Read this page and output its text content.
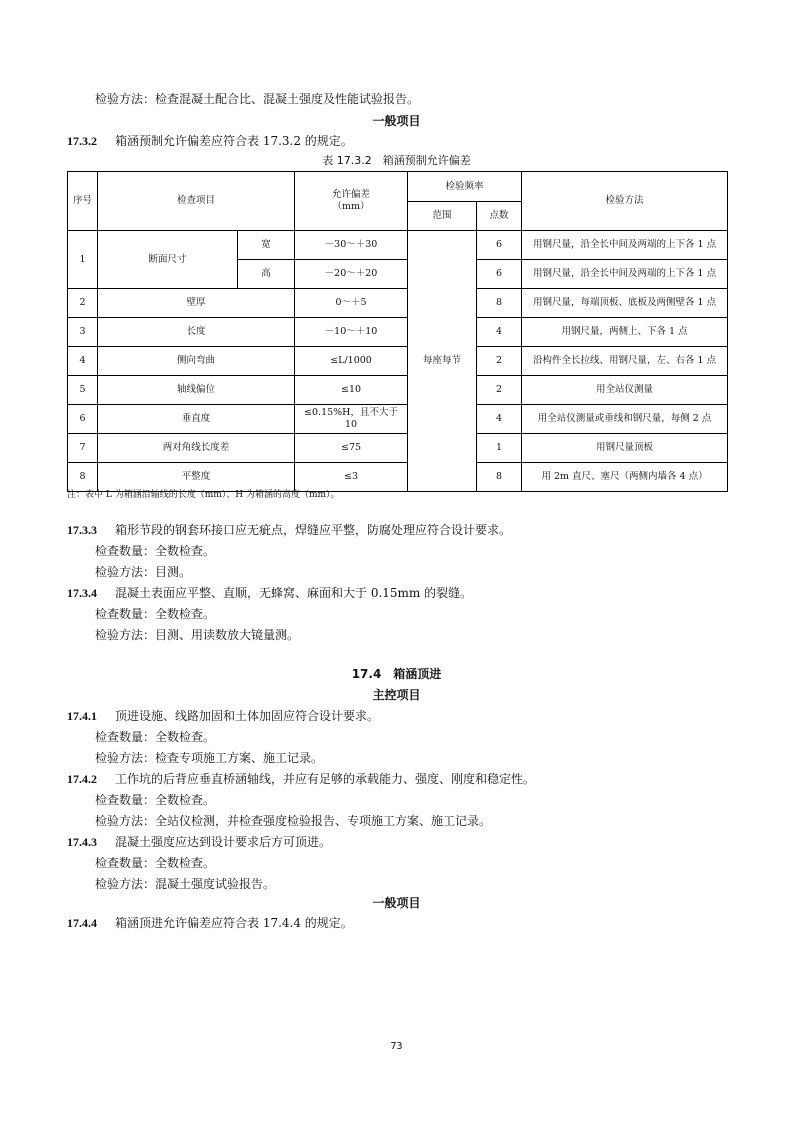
检验方法：检查混凝土配合比、混凝土强度及性能试验报告。
一般项目
17.3.2 箱涵预制允许偏差应符合表 17.3.2 的规定。
表 17.3.2　箱涵预制允许偏差
序号	检查项目		允许偏差（mm）	检验频率		检验方法
				范围	点数	
1	断面尺寸	宽	－30～＋30	每座每节	6	用钢尺量，沿全长中间及两端的上下各 1 点
		高	－20～＋20		6	用钢尺量，沿全长中间及两端的上下各 1 点
2	壁厚		0～＋5		8	用钢尺量，每端顶板、底板及两侧壁各 1 点
3	长度		－10～＋10		4	用钢尺量，两侧上、下各 1 点
4	侧向弯曲		≤L/1000		2	沿构件全长拉线、用钢尺量，左、右各 1 点
5	轴线偏位		≤10		2	用全站仪测量
6	垂直度		≤0.15%H，且不大于 10		4	用全站仪测量或垂线和钢尺量，每侧 2 点
7	两对角线长度差		≤75		1	用钢尺量顶板
8	平整度		≤3		8	用 2m 直尺、塞尺（两侧内墙各 4 点）
注：表中 L 为箱涵沿轴线的长度（mm）、H 为箱涵的高度（mm）。
17.3.3 箱形节段的钢套环接口应无疵点，焊缝应平整，防腐处理应符合设计要求。
检查数量：全数检查。
检验方法：目测。
17.3.4 混凝土表面应平整、直顺，无蜂窝、麻面和大于 0.15mm 的裂缝。
检查数量：全数检查。
检验方法：目测、用读数放大镜量测。
17.4　箱涵顶进
主控项目
17.4.1 顶进设施、线路加固和土体加固应符合设计要求。
检查数量：全数检查。
检验方法：检查专项施工方案、施工记录。
17.4.2 工作坑的后背应垂直桥涵轴线，并应有足够的承载能力、强度、刚度和稳定性。
检查数量：全数检查。
检验方法：全站仪检测，并检查强度检验报告、专项施工方案、施工记录。
17.4.3 混凝土强度应达到设计要求后方可顶进。
检查数量：全数检查。
检验方法：混凝土强度试验报告。
一般项目
17.4.4 箱涵顶进允许偏差应符合表 17.4.4 的规定。
73
